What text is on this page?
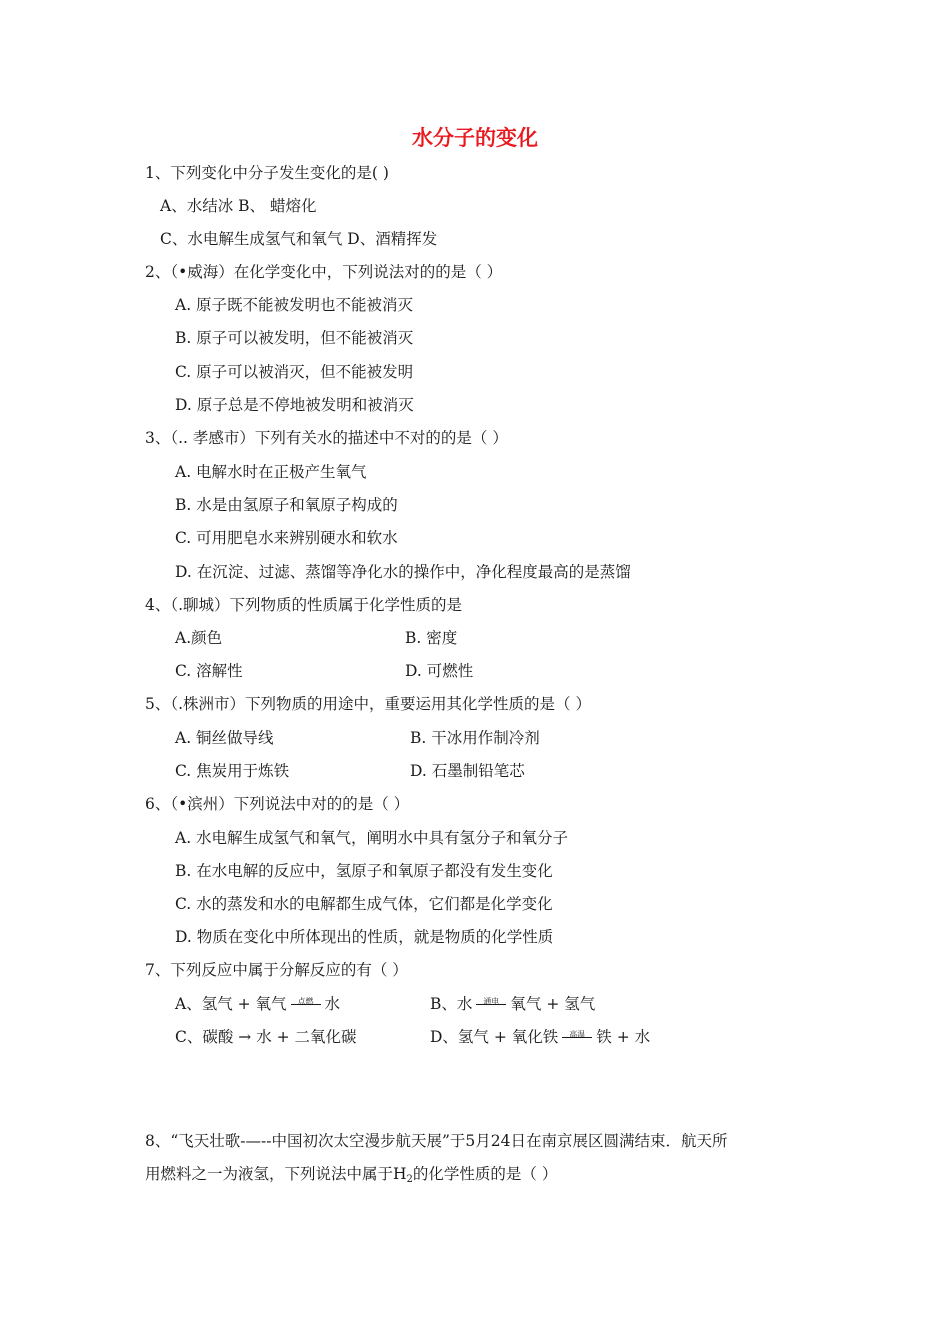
水分子的变化
1、下列变化中分子发生变化的是( )
A、水结冰 B、 蜡熔化
C、水电解生成氢气和氧气 D、酒精挥发
2、（•威海）在化学变化中，下列说法对的的是（ ）
A. 原子既不能被发明也不能被消灭
B. 原子可以被发明，但不能被消灭
C. 原子可以被消灭，但不能被发明
D. 原子总是不停地被发明和被消灭
3、（.. 孝感市）下列有关水的描述中不对的的是（ ）
A. 电解水时在正极产生氧气
B. 水是由氢原子和氧原子构成的
C. 可用肥皂水来辨别硬水和软水
D. 在沉淀、过滤、蒸馏等净化水的操作中，净化程度最高的是蒸馏
4、（.聊城）下列物质的性质属于化学性质的是
A.颜色	B. 密度
C. 溶解性	D. 可燃性
5、（.株洲市）下列物质的用途中，重要运用其化学性质的是（ ）
A. 铜丝做导线	B. 干冰用作制冷剂
C. 焦炭用于炼铁	D. 石墨制铅笔芯
6、（•滨州）下列说法中对的的是（ ）
A. 水电解生成氢气和氧气，阐明水中具有氢分子和氧分子
B. 在水电解的反应中，氢原子和氧原子都没有发生变化
C. 水的蒸发和水的电解都生成气体，它们都是化学变化
D. 物质在变化中所体现出的性质，就是物质的化学性质
7、下列反应中属于分解反应的有（ ）
A、氢气 + 氧气	点燃 水	B、水	通电 氧气 + 氢气
C、碳酸 → 水 + 二氧化碳	D、氢气 + 氧化铁	高温 铁 + 水
8、“飞天壮歌-—--中国初次太空漫步航天展”于5月24日在南京展区圆满结束．航天所
用燃料之一为液氢，下列说法中属于$H_2$的化学性质的是（ ）
